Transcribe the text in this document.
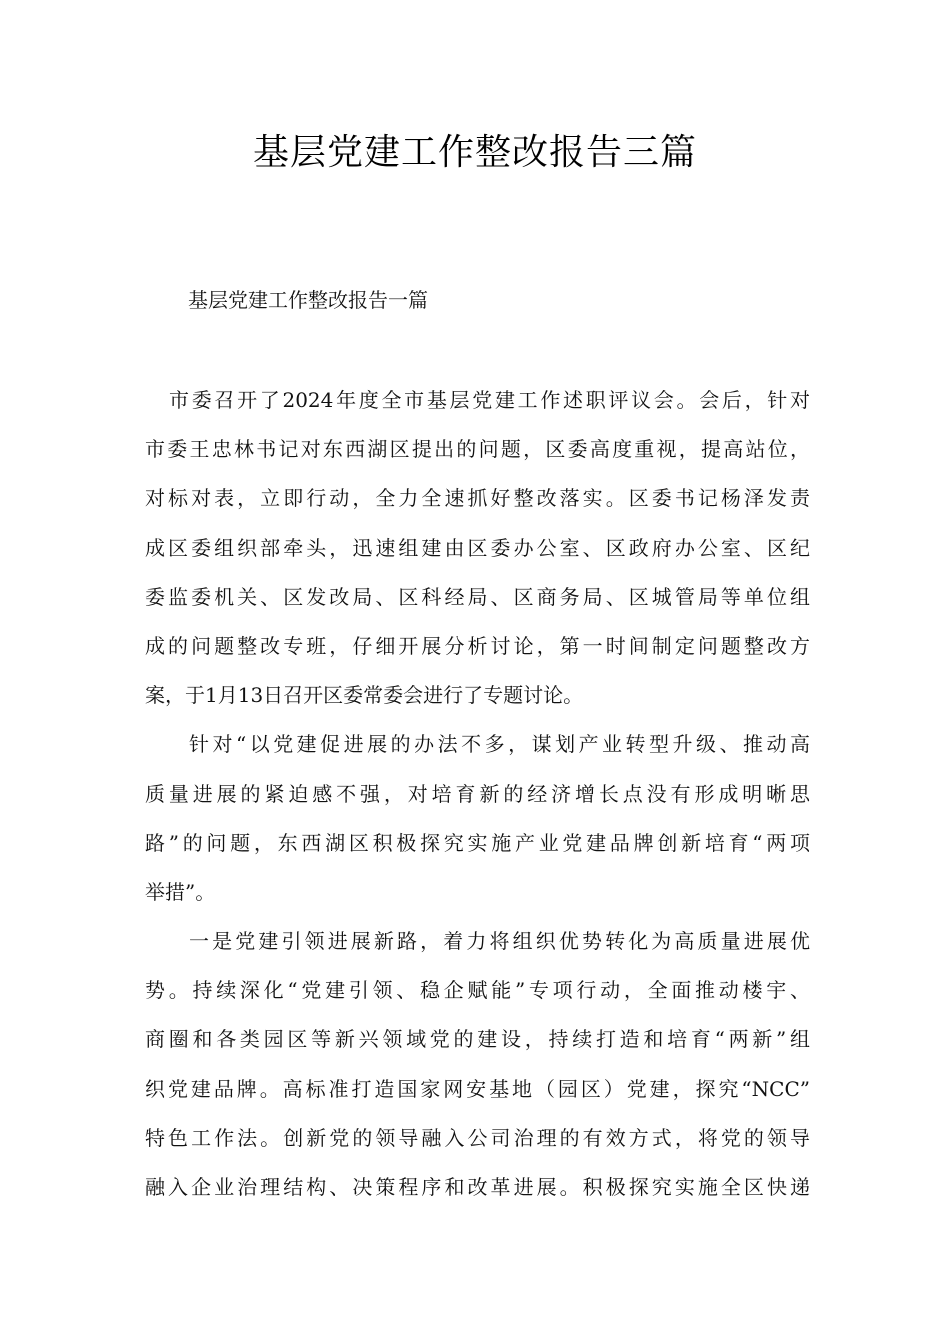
基层党建工作整改报告三篇

基层党建工作整改报告一篇

市委召开了2024年度全市基层党建工作述职评议会。会后，针对
市委王忠林书记对东西湖区提出的问题，区委高度重视，提高站位，
对标对表，立即行动，全力全速抓好整改落实。区委书记杨泽发责
成区委组织部牵头，迅速组建由区委办公室、区政府办公室、区纪
委监委机关、区发改局、区科经局、区商务局、区城管局等单位组
成的问题整改专班，仔细开展分析讨论，第一时间制定问题整改方
案，于1月13日召开区委常委会进行了专题讨论。
针对“以党建促进展的办法不多，谋划产业转型升级、推动高
质量进展的紧迫感不强，对培育新的经济增长点没有形成明晰思
路”的问题，东西湖区积极探究实施产业党建品牌创新培育“两项
举措”。
一是党建引领进展新路，着力将组织优势转化为高质量进展优
势。持续深化“党建引领、稳企赋能”专项行动，全面推动楼宇、
商圈和各类园区等新兴领域党的建设，持续打造和培育“两新”组
织党建品牌。高标准打造国家网安基地（园区）党建，探究“NCC”
特色工作法。创新党的领导融入公司治理的有效方式，将党的领导
融入企业治理结构、决策程序和改革进展。积极探究实施全区快递
